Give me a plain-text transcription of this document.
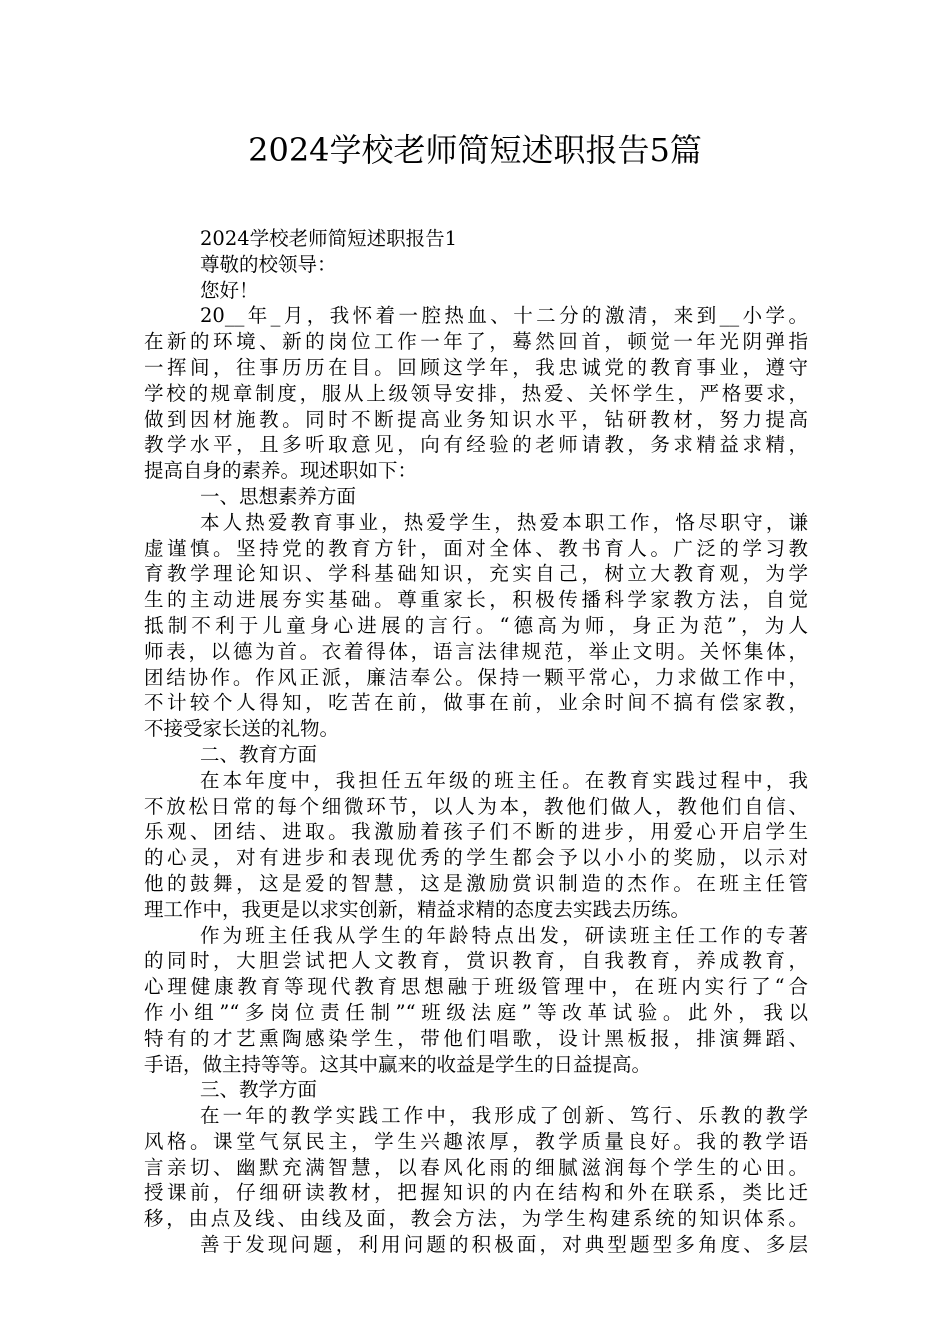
2024学校老师简短述职报告5篇
2024学校老师简短述职报告1
尊敬的校领导：
您好！
20__年_月，我怀着一腔热血、十二分的激清，来到__小学。
在新的环境、新的岗位工作一年了，蓦然回首，顿觉一年光阴弹指
一挥间，往事历历在目。回顾这学年，我忠诚党的教育事业，遵守
学校的规章制度，服从上级领导安排，热爱、关怀学生，严格要求，
做到因材施教。同时不断提高业务知识水平，钻研教材，努力提高
教学水平，且多听取意见，向有经验的老师请教，务求精益求精，
提高自身的素养。现述职如下：
一、思想素养方面
本人热爱教育事业，热爱学生，热爱本职工作，恪尽职守，谦
虚谨慎。坚持党的教育方针，面对全体、教书育人。广泛的学习教
育教学理论知识、学科基础知识，充实自己，树立大教育观，为学
生的主动进展夯实基础。尊重家长，积极传播科学家教方法，自觉
抵制不利于儿童身心进展的言行。“德高为师，身正为范”，为人
师表，以德为首。衣着得体，语言法律规范，举止文明。关怀集体，
团结协作。作风正派，廉洁奉公。保持一颗平常心，力求做工作中，
不计较个人得知，吃苦在前，做事在前，业余时间不搞有偿家教，
不接受家长送的礼物。
二、教育方面
在本年度中，我担任五年级的班主任。在教育实践过程中，我
不放松日常的每个细微环节，以人为本，教他们做人，教他们自信、
乐观、团结、进取。我激励着孩子们不断的进步，用爱心开启学生
的心灵，对有进步和表现优秀的学生都会予以小小的奖励，以示对
他的鼓舞，这是爱的智慧，这是激励赏识制造的杰作。在班主任管
理工作中，我更是以求实创新，精益求精的态度去实践去历练。
作为班主任我从学生的年龄特点出发，研读班主任工作的专著
的同时，大胆尝试把人文教育，赏识教育，自我教育，养成教育，
心理健康教育等现代教育思想融于班级管理中，在班内实行了“合
作小组”“多岗位责任制”“班级法庭”等改革试验。此外，我以
特有的才艺熏陶感染学生，带他们唱歌，设计黑板报，排演舞蹈、
手语，做主持等等。这其中赢来的收益是学生的日益提高。
三、教学方面
在一年的教学实践工作中，我形成了创新、笃行、乐教的教学
风格。课堂气氛民主，学生兴趣浓厚，教学质量良好。我的教学语
言亲切、幽默充满智慧，以春风化雨的细腻滋润每个学生的心田。
授课前，仔细研读教材，把握知识的内在结构和外在联系，类比迁
移，由点及线、由线及面，教会方法，为学生构建系统的知识体系。
善于发现问题，利用问题的积极面，对典型题型多角度、多层
